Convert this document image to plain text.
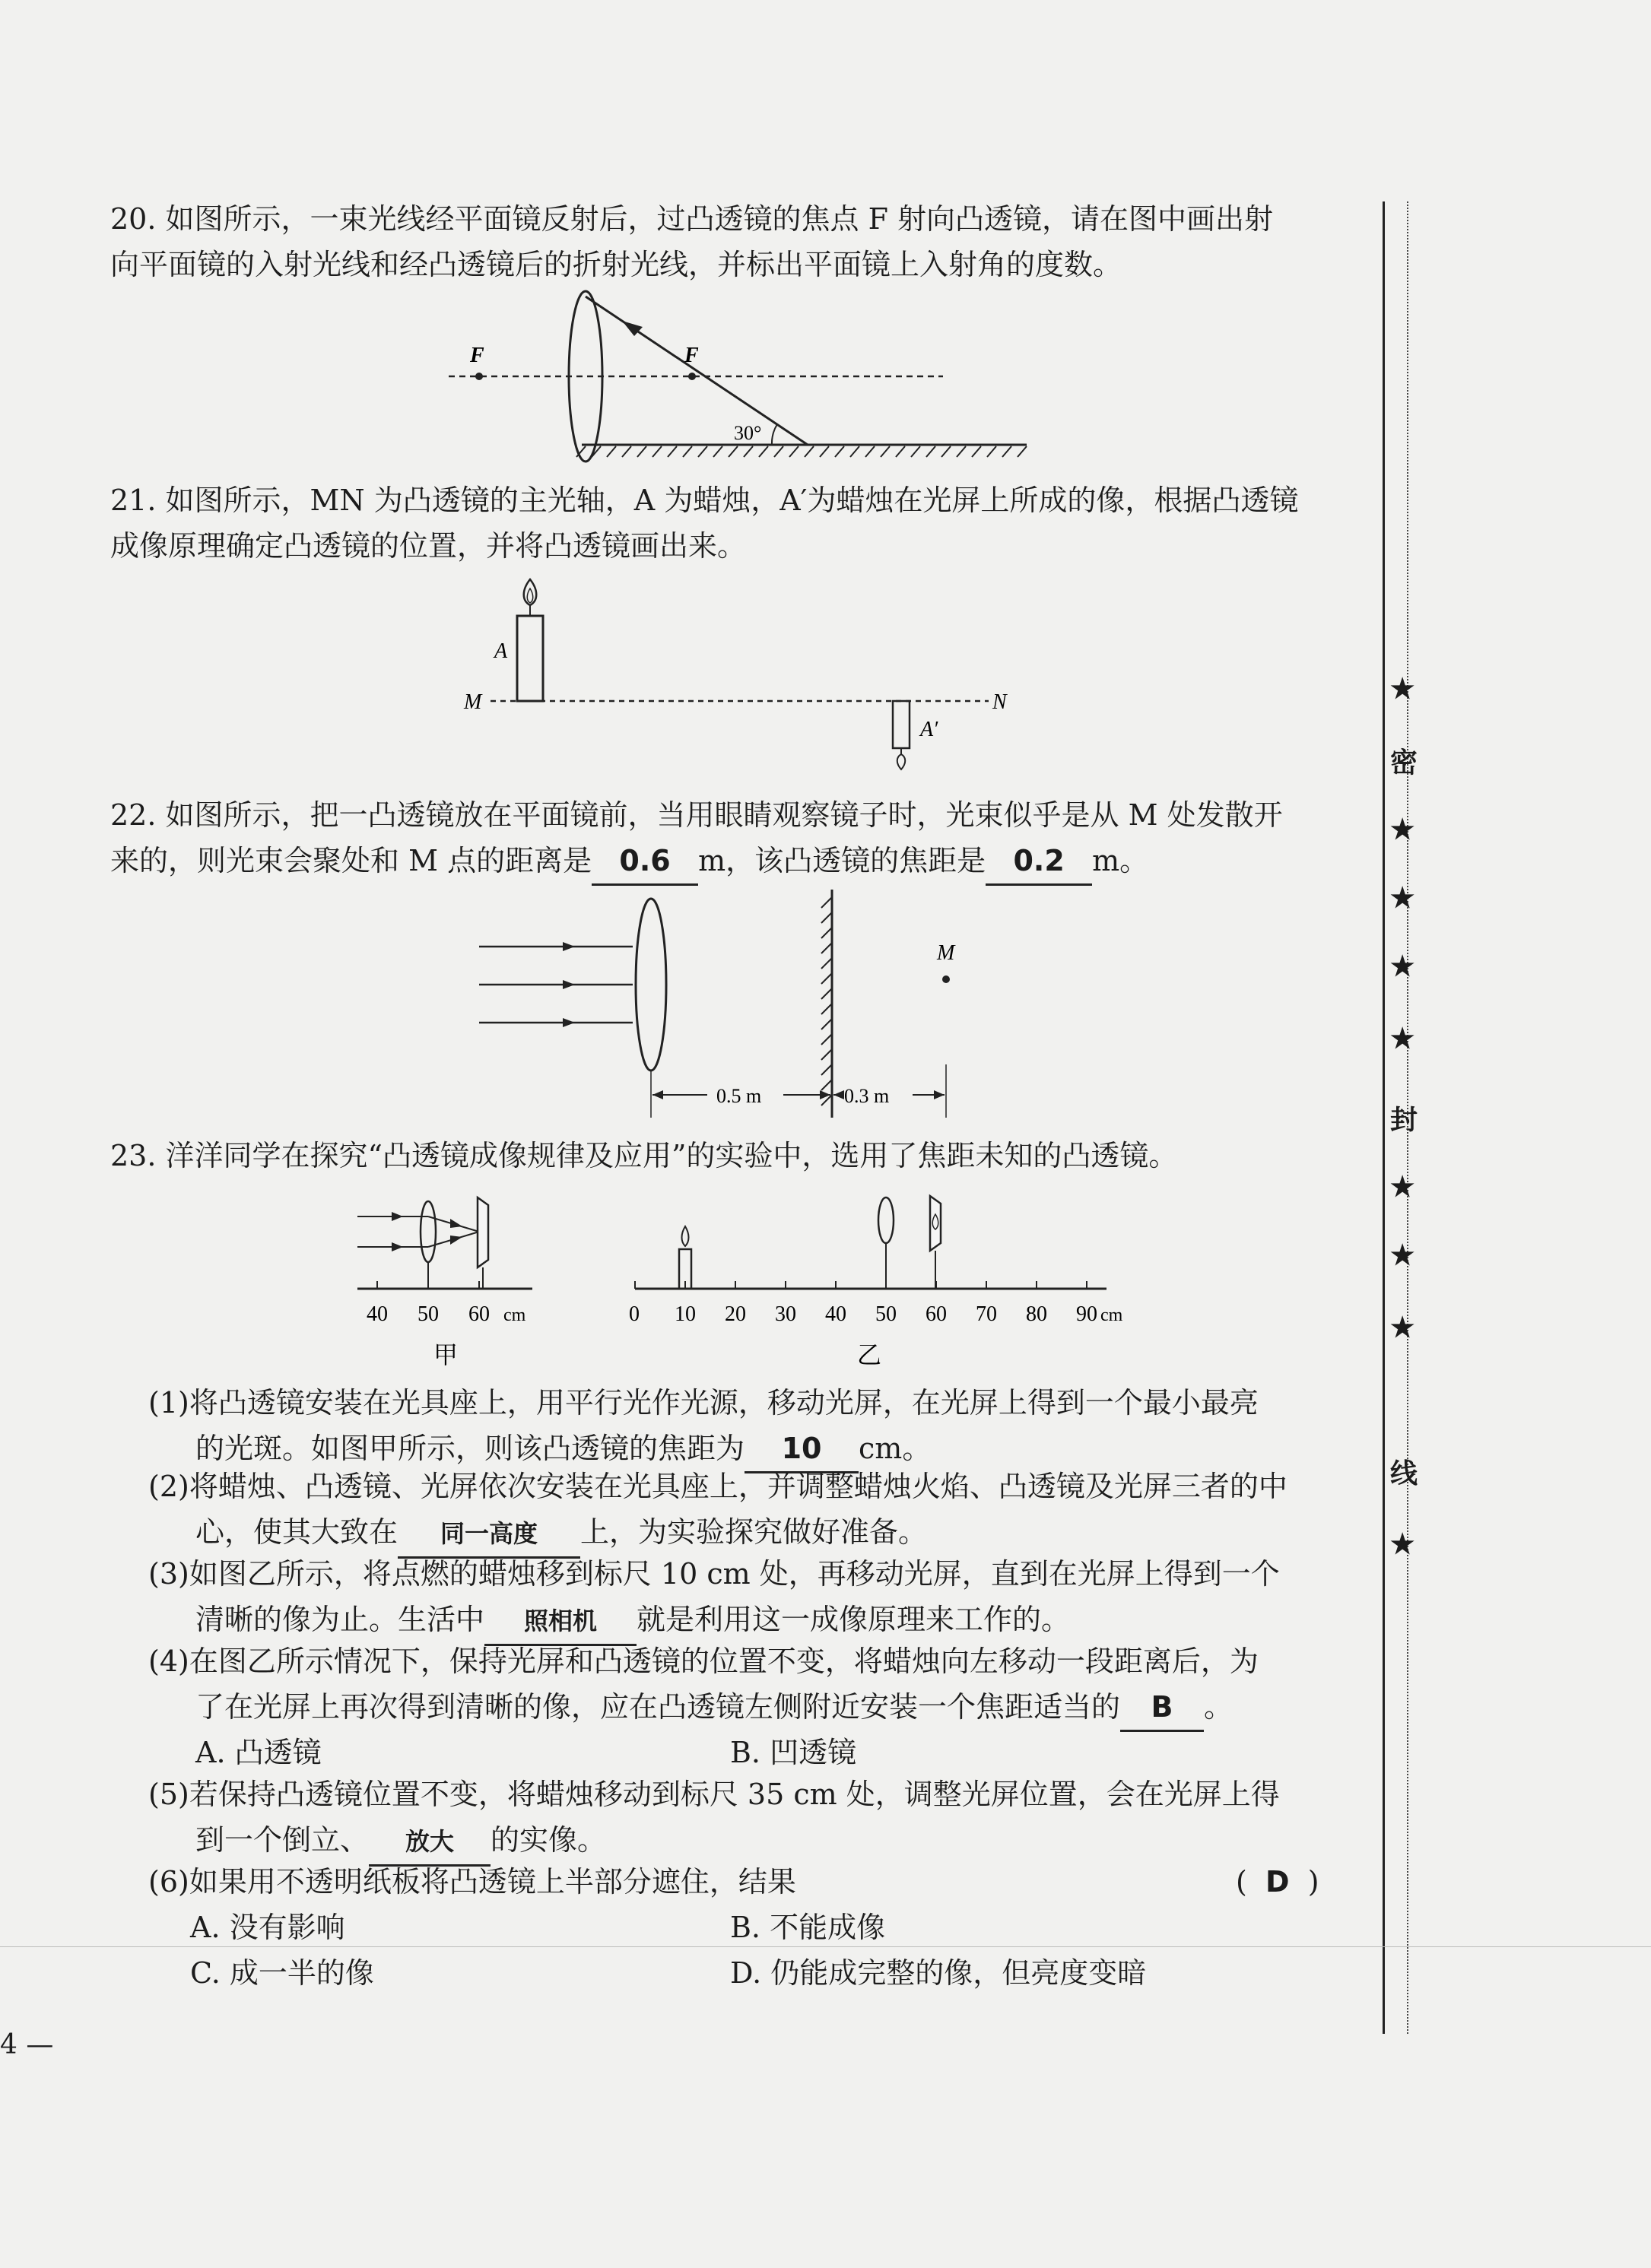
★
密
★
★
★
★
封
★
★
★
线
★
20. 如图所示，一束光线经平面镜反射后，过凸透镜的焦点 F 射向凸透镜，请在图中画出射
向平面镜的入射光线和经凸透镜后的折射光线，并标出平面镜上入射角的度数。
F	F
30°
21. 如图所示，MN 为凸透镜的主光轴，A 为蜡烛，A′为蜡烛在光屏上所成的像，根据凸透镜
成像原理确定凸透镜的位置，并将凸透镜画出来。
A
M	N
A′
22. 如图所示，把一凸透镜放在平面镜前，当用眼睛观察镜子时，光束似乎是从 M 处发散开
来的，则光束会聚处和 M 点的距离是 0.6 m，该凸透镜的焦距是 0.2 m。
M
0.5 m	0.3 m
23. 洋洋同学在探究“凸透镜成像规律及应用”的实验中，选用了焦距未知的凸透镜。
40 50 60 cm
甲
0 10 20 30 40 50 60 70 80 90 cm
乙
(1)将凸透镜安装在光具座上，用平行光作光源，移动光屏，在光屏上得到一个最小最亮
的光斑。如图甲所示，则该凸透镜的焦距为 10 cm。
(2)将蜡烛、凸透镜、光屏依次安装在光具座上，并调整蜡烛火焰、凸透镜及光屏三者的中
心，使其大致在 同一高度 上，为实验探究做好准备。
(3)如图乙所示，将点燃的蜡烛移到标尺 10 cm 处，再移动光屏，直到在光屏上得到一个
清晰的像为止。生活中 照相机 就是利用这一成像原理来工作的。
(4)在图乙所示情况下，保持光屏和凸透镜的位置不变，将蜡烛向左移动一段距离后，为
了在光屏上再次得到清晰的像，应在凸透镜左侧附近安装一个焦距适当的 B 。
A. 凸透镜	B. 凹透镜
(5)若保持凸透镜位置不变，将蜡烛移动到标尺 35 cm 处，调整光屏位置，会在光屏上得
到一个倒立、 放大 的实像。
(6)如果用不透明纸板将凸透镜上半部分遮住，结果	( D )
A. 没有影响	B. 不能成像
C. 成一半的像	D. 仍能成完整的像，但亮度变暗
4 —
